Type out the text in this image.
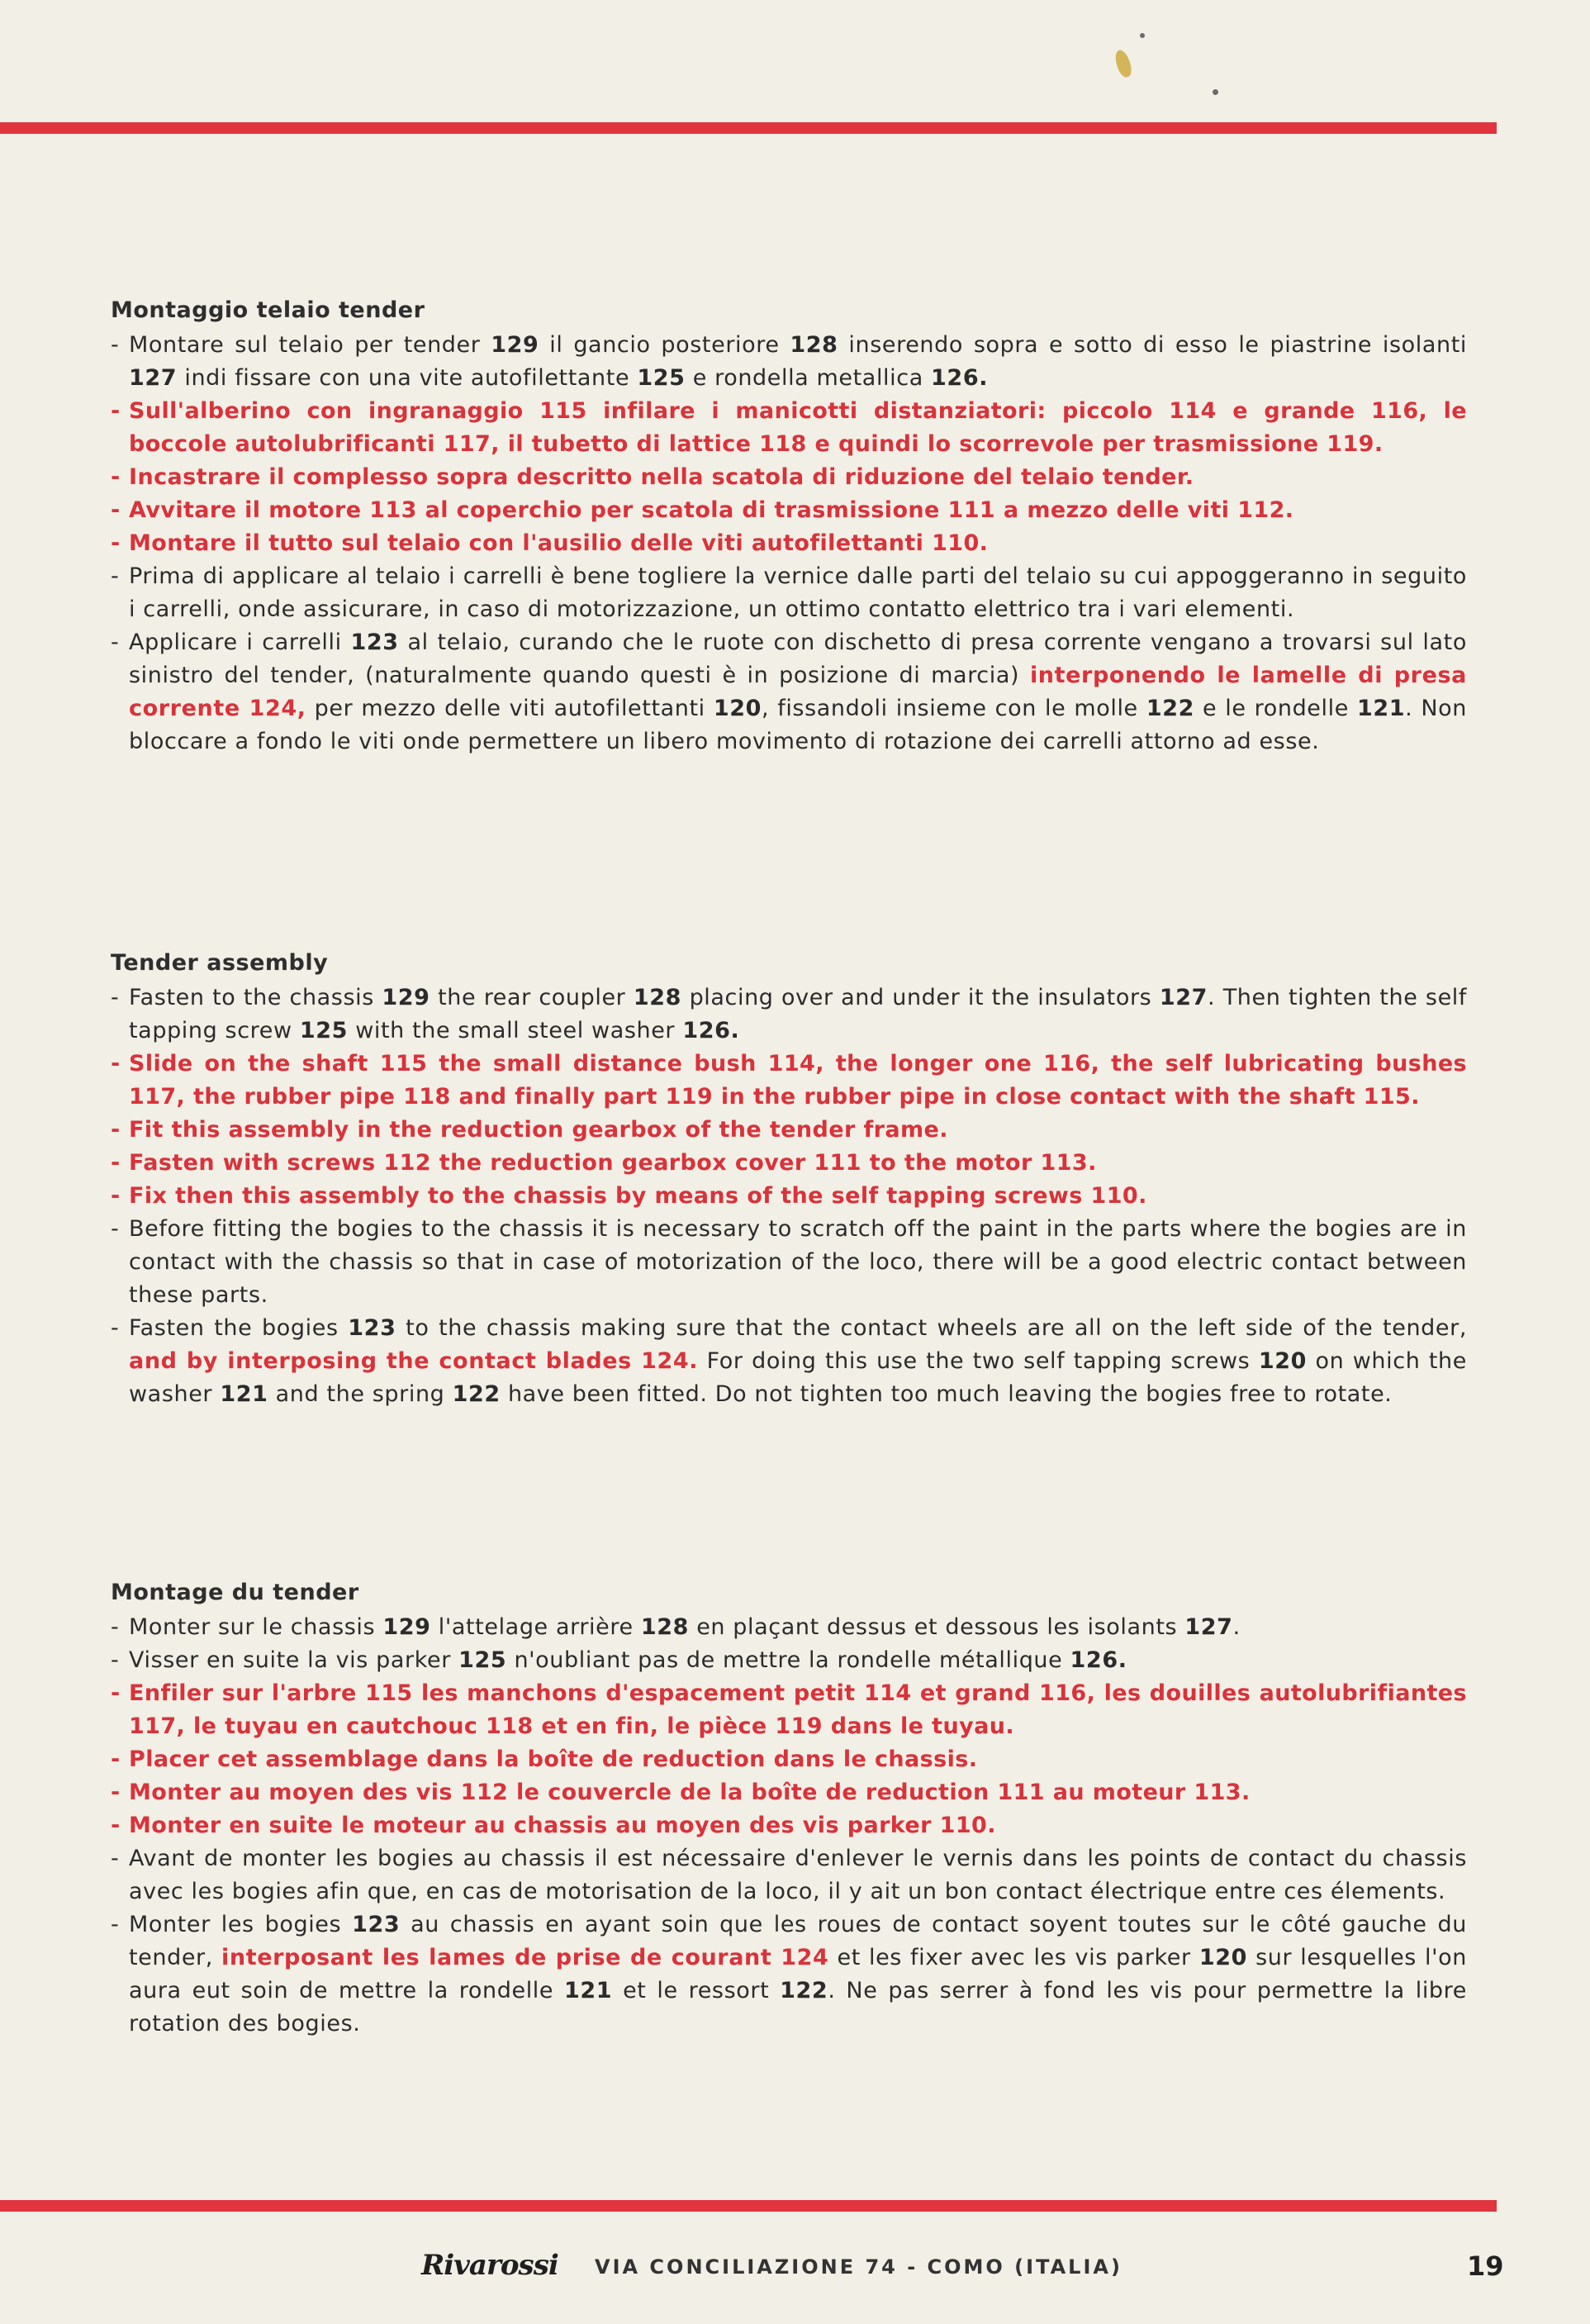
Montaggio telaio tender
- Montare sul telaio per tender 129 il gancio posteriore 128 inserendo sopra e sotto di esso le piastrine isolanti 127 indi fissare con una vite autofilettante 125 e rondella metallica 126.
- Sull'alberino con ingranaggio 115 infilare i manicotti distanziatori: piccolo 114 e grande 116, le boccole autolubrificanti 117, il tubetto di lattice 118 e quindi lo scorrevole per trasmissione 119.
- Incastrare il complesso sopra descritto nella scatola di riduzione del telaio tender.
- Avvitare il motore 113 al coperchio per scatola di trasmissione 111 a mezzo delle viti 112.
- Montare il tutto sul telaio con l'ausilio delle viti autofilettanti 110.
- Prima di applicare al telaio i carrelli è bene togliere la vernice dalle parti del telaio su cui appoggeranno in seguito i carrelli, onde assicurare, in caso di motorizzazione, un ottimo contatto elettrico tra i vari elementi.
- Applicare i carrelli 123 al telaio, curando che le ruote con dischetto di presa corrente vengano a trovarsi sul lato sinistro del tender, (naturalmente quando questi è in posizione di marcia) interponendo le lamelle di presa corrente 124, per mezzo delle viti autofilettanti 120, fissandoli insieme con le molle 122 e le rondelle 121. Non bloccare a fondo le viti onde permettere un libero movimento di rotazione dei carrelli attorno ad esse.
Tender assembly
- Fasten to the chassis 129 the rear coupler 128 placing over and under it the insulators 127. Then tighten the self tapping screw 125 with the small steel washer 126.
- Slide on the shaft 115 the small distance bush 114, the longer one 116, the self lubricating bushes 117, the rubber pipe 118 and finally part 119 in the rubber pipe in close contact with the shaft 115.
- Fit this assembly in the reduction gearbox of the tender frame.
- Fasten with screws 112 the reduction gearbox cover 111 to the motor 113.
- Fix then this assembly to the chassis by means of the self tapping screws 110.
- Before fitting the bogies to the chassis it is necessary to scratch off the paint in the parts where the bogies are in contact with the chassis so that in case of motorization of the loco, there will be a good electric contact between these parts.
- Fasten the bogies 123 to the chassis making sure that the contact wheels are all on the left side of the tender, and by interposing the contact blades 124. For doing this use the two self tapping screws 120 on which the washer 121 and the spring 122 have been fitted. Do not tighten too much leaving the bogies free to rotate.
Montage du tender
- Monter sur le chassis 129 l'attelage arrière 128 en plaçant dessus et dessous les isolants 127.
- Visser en suite la vis parker 125 n'oubliant pas de mettre la rondelle métallique 126.
- Enfiler sur l'arbre 115 les manchons d'espacement petit 114 et grand 116, les douilles autolubrifiantes 117, le tuyau en cautchouc 118 et en fin, le pièce 119 dans le tuyau.
- Placer cet assemblage dans la boîte de reduction dans le chassis.
- Monter au moyen des vis 112 le couvercle de la boîte de reduction 111 au moteur 113.
- Monter en suite le moteur au chassis au moyen des vis parker 110.
- Avant de monter les bogies au chassis il est nécessaire d'enlever le vernis dans les points de contact du chassis avec les bogies afin que, en cas de motorisation de la loco, il y ait un bon contact électrique entre ces élements.
- Monter les bogies 123 au chassis en ayant soin que les roues de contact soyent toutes sur le côté gauche du tender, interposant les lames de prise de courant 124 et les fixer avec les vis parker 120 sur lesquelles l'on aura eut soin de mettre la rondelle 121 et le ressort 122. Ne pas serrer à fond les vis pour permettre la libre rotation des bogies.
Rivarossi VIA CONCILIAZIONE 74 - COMO (ITALIA)	19
